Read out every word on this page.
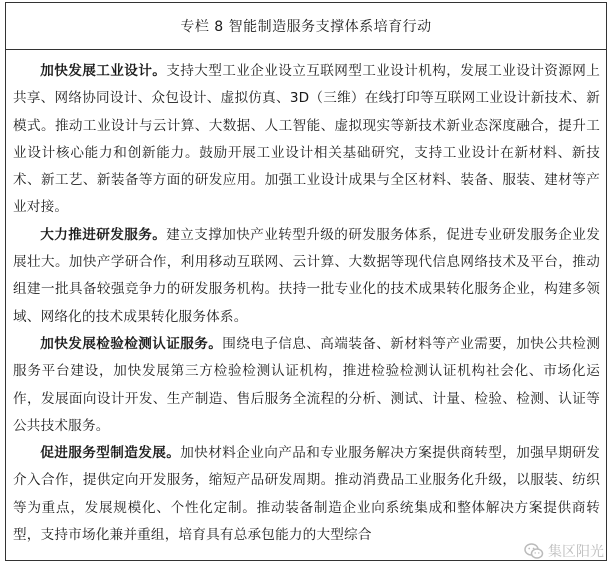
专栏 8 智能制造服务支撑体系培育行动

加快发展工业设计。支持大型工业企业设立互联网型工业设计机构，发展工业设计资源网上共享、网络协同设计、众包设计、虚拟仿真、3D（三维）在线打印等互联网工业设计新技术、新模式。推动工业设计与云计算、大数据、人工智能、虚拟现实等新技术新业态深度融合，提升工业设计核心能力和创新能力。鼓励开展工业设计相关基础研究，支持工业设计在新材料、新技术、新工艺、新装备等方面的研发应用。加强工业设计成果与全区材料、装备、服装、建材等产业对接。

大力推进研发服务。建立支撑加快产业转型升级的研发服务体系，促进专业研发服务企业发展壮大。加快产学研合作，利用移动互联网、云计算、大数据等现代信息网络技术及平台，推动组建一批具备较强竞争力的研发服务机构。扶持一批专业化的技术成果转化服务企业，构建多领域、网络化的技术成果转化服务体系。

加快发展检验检测认证服务。围绕电子信息、高端装备、新材料等产业需要，加快公共检测服务平台建设，加快发展第三方检验检测认证机构，推进检验检测认证机构社会化、市场化运作，发展面向设计开发、生产制造、售后服务全流程的分析、测试、计量、检验、检测、认证等公共技术服务。

促进服务型制造发展。加快材料企业向产品和专业服务解决方案提供商转型，加强早期研发介入合作，提供定向开发服务，缩短产品研发周期。推动消费品工业服务化升级，以服装、纺织等为重点，发展规模化、个性化定制。推动装备制造企业向系统集成和整体解决方案提供商转型，支持市场化兼并重组，培育具有总承包能力的大型综合

集区阳光
